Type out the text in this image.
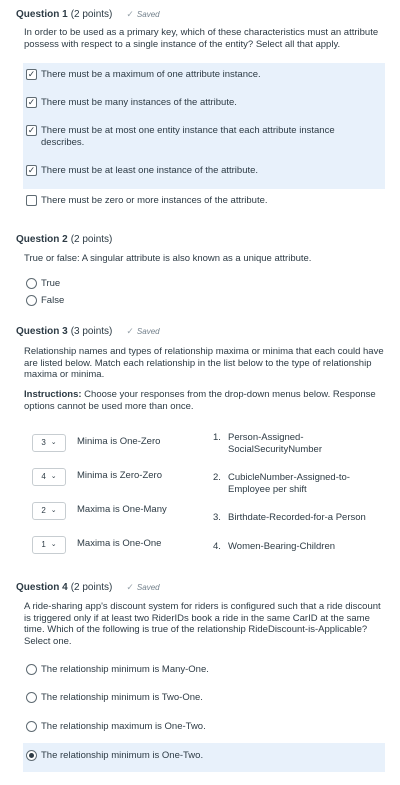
Question 1 (2 points) ✓ Saved
In order to be used as a primary key, which of these characteristics must an attribute possess with respect to a single instance of the entity? Select all that apply.
✓ There must be a maximum of one attribute instance.
✓ There must be many instances of the attribute.
✓ There must be at most one entity instance that each attribute instance describes.
✓ There must be at least one instance of the attribute.
There must be zero or more instances of the attribute.
Question 2 (2 points)
True or false: A singular attribute is also known as a unique attribute.
True
False
Question 3 (3 points) ✓ Saved
Relationship names and types of relationship maxima or minima that each could have are listed below. Match each relationship in the list below to the type of relationship maxima or minima.
Instructions: Choose your responses from the drop-down menus below. Response options cannot be used more than once.
3 ⌄ Minima is One-Zero
4 ⌄ Minima is Zero-Zero
2 ⌄ Maxima is One-Many
1 ⌄ Maxima is One-One
1. Person-Assigned-SocialSecurityNumber
2. CubicleNumber-Assigned-to-Employee per shift
3. Birthdate-Recorded-for-a Person
4. Women-Bearing-Children
Question 4 (2 points) ✓ Saved
A ride-sharing app's discount system for riders is configured such that a ride discount is triggered only if at least two RiderIDs book a ride in the same CarID at the same time. Which of the following is true of the relationship RideDiscount-is-Applicable? Select one.
The relationship minimum is Many-One.
The relationship minimum is Two-One.
The relationship maximum is One-Two.
The relationship minimum is One-Two.
